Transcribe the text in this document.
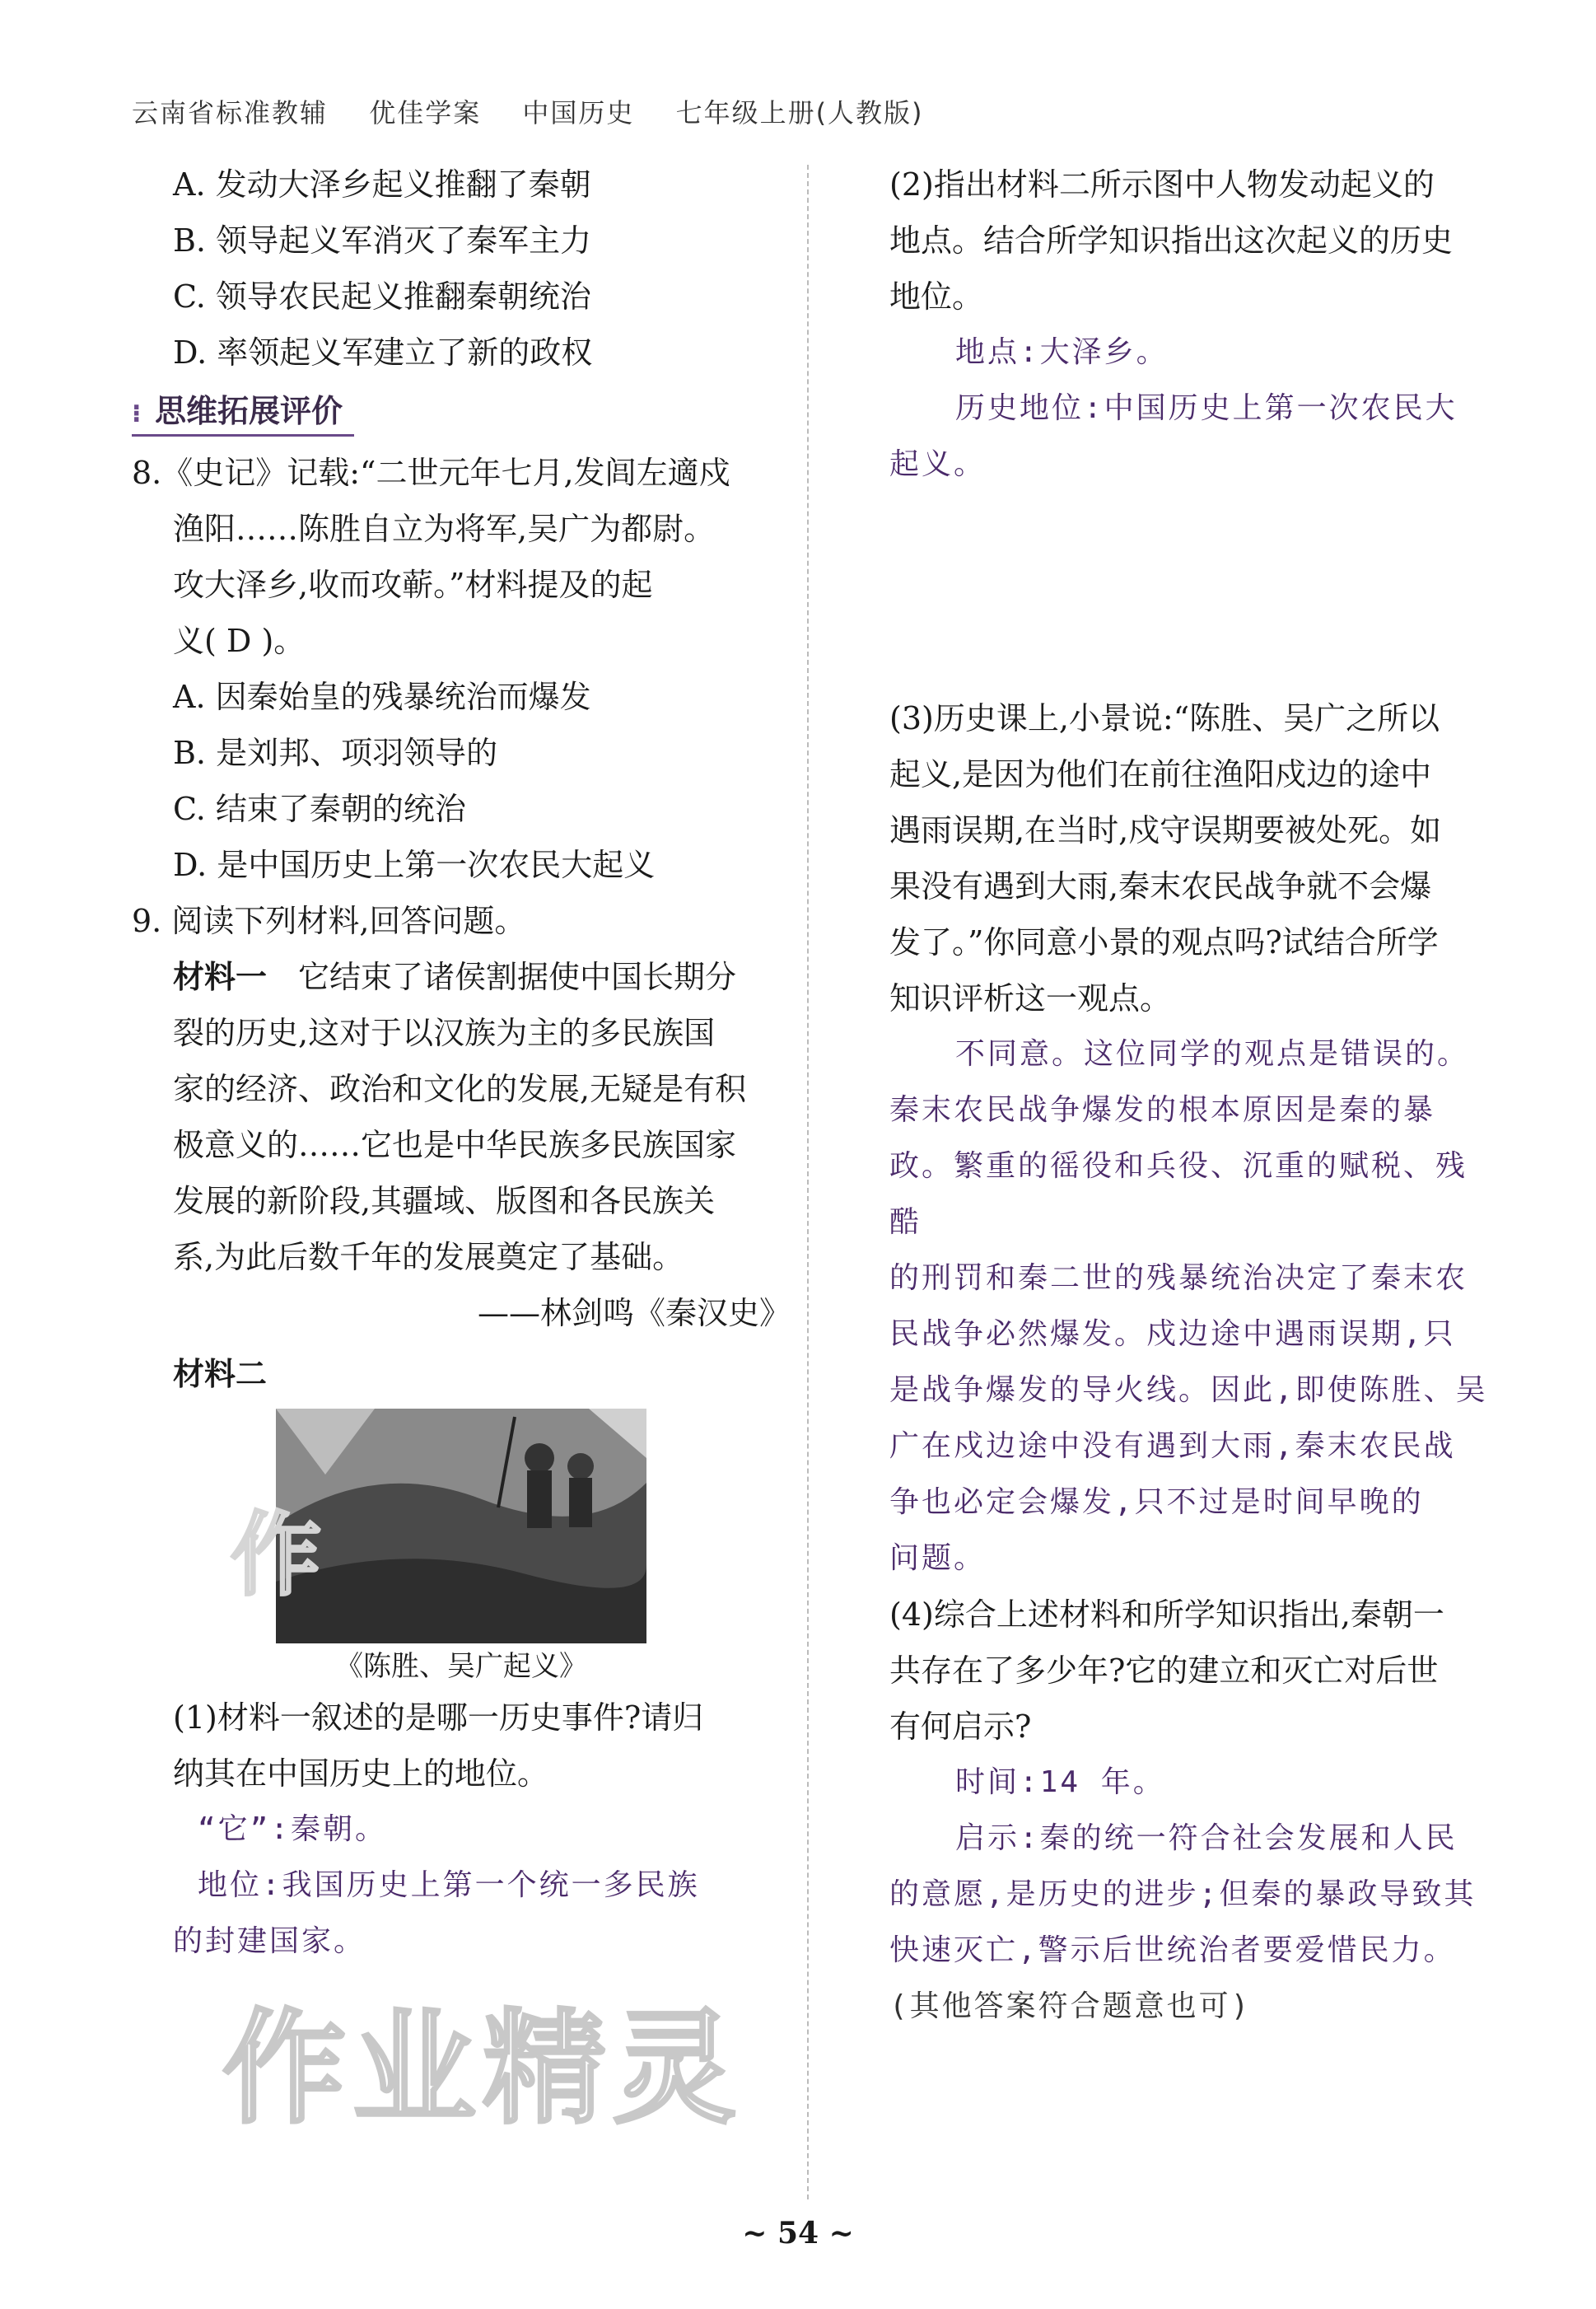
云南省标准教辅 优佳学案 中国历史 七年级上册(人教版)

A. 发动大泽乡起义推翻了秦朝

B. 领导起义军消灭了秦军主力

C. 领导农民起义推翻秦朝统治

D. 率领起义军建立了新的政权

⁝ 思维拓展评价

8.《史记》记载:“二世元年七月,发闾左適戍

渔阳……陈胜自立为将军,吴广为都尉。

攻大泽乡,收而攻蕲。”材料提及的起

义( D )。

A. 因秦始皇的残暴统治而爆发

B. 是刘邦、项羽领导的

C. 结束了秦朝的统治

D. 是中国历史上第一次农民大起义

9. 阅读下列材料,回答问题。

材料一　 它结束了诸侯割据使中国长期分

裂的历史,这对于以汉族为主的多民族国

家的经济、政治和文化的发展,无疑是有积

极意义的……它也是中华民族多民族国家

发展的新阶段,其疆域、版图和各民族关

系,为此后数千年的发展奠定了基础。

——林剑鸣《秦汉史》

材料二

《陈胜、吴广起义》

(1)材料一叙述的是哪一历史事件?请归

纳其在中国历史上的地位。

“它”:秦朝。

地位:我国历史上第一个统一多民族

的封建国家。

(2)指出材料二所示图中人物发动起义的

地点。结合所学知识指出这次起义的历史

地位。

地点:大泽乡。

历史地位:中国历史上第一次农民大

起义。

(3)历史课上,小景说:“陈胜、吴广之所以

起义,是因为他们在前往渔阳戍边的途中

遇雨误期,在当时,戍守误期要被处死。如

果没有遇到大雨,秦末农民战争就不会爆

发了。”你同意小景的观点吗?试结合所学

知识评析这一观点。

不同意。这位同学的观点是错误的。

秦末农民战争爆发的根本原因是秦的暴

政。繁重的徭役和兵役、沉重的赋税、残酷

的刑罚和秦二世的残暴统治决定了秦末农

民战争必然爆发。戍边途中遇雨误期,只

是战争爆发的导火线。因此,即使陈胜、吴

广在戍边途中没有遇到大雨,秦末农民战

争也必定会爆发,只不过是时间早晚的

问题。

(4)综合上述材料和所学知识指出,秦朝一

共存在了多少年?它的建立和灭亡对后世

有何启示?

时间:14 年。

启示:秦的统一符合社会发展和人民

的意愿,是历史的进步;但秦的暴政导致其

快速灭亡,警示后世统治者要爱惜民力。

(其他答案符合题意也可)

作
作业精灵
~ 54 ~
